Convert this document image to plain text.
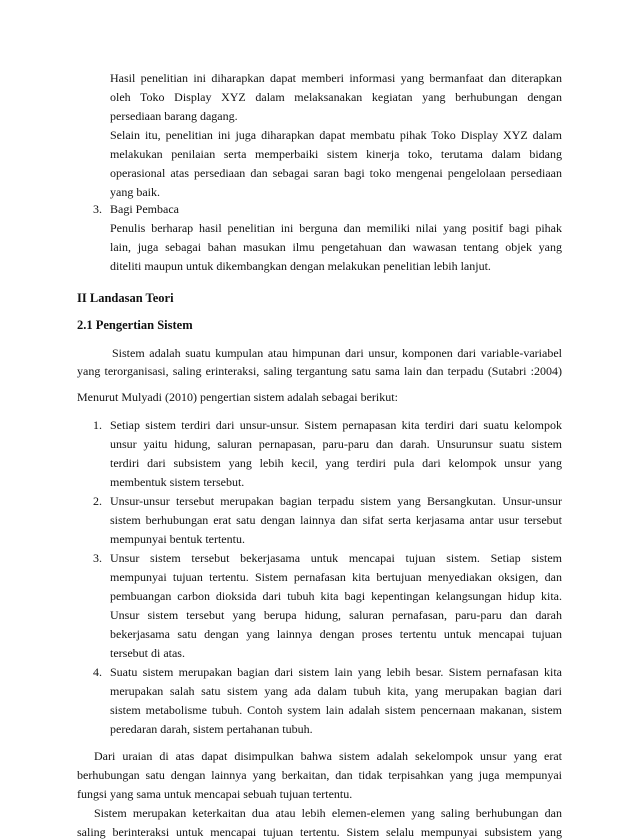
Hasil penelitian ini diharapkan dapat memberi informasi yang bermanfaat dan diterapkan
oleh Toko Display XYZ dalam melaksanakan kegiatan yang berhubungan dengan
persediaan barang dagang.
Selain itu, penelitian ini juga diharapkan dapat membatu pihak Toko Display XYZ dalam
melakukan penilaian serta memperbaiki sistem kinerja toko, terutama dalam bidang
operasional atas persediaan dan sebagai saran bagi toko mengenai pengelolaan persediaan
yang baik.
3. Bagi Pembaca
Penulis berharap hasil penelitian ini berguna dan memiliki nilai yang positif bagi pihak
lain, juga sebagai bahan masukan ilmu pengetahuan dan wawasan tentang objek yang
diteliti maupun untuk dikembangkan dengan melakukan penelitian lebih lanjut.
II Landasan Teori
2.1 Pengertian Sistem
Sistem adalah suatu kumpulan atau himpunan dari unsur, komponen dari variable-variabel
yang terorganisasi, saling erinteraksi, saling tergantung satu sama lain dan terpadu (Sutabri :2004)
Menurut Mulyadi (2010) pengertian sistem adalah sebagai berikut:
1. Setiap sistem terdiri dari unsur-unsur. Sistem pernapasan kita terdiri dari suatu kelompok
unsur yaitu hidung, saluran pernapasan, paru-paru dan darah. Unsurunsur suatu sistem
terdiri dari subsistem yang lebih kecil, yang terdiri pula dari kelompok unsur yang
membentuk sistem tersebut.
2. Unsur-unsur tersebut merupakan bagian terpadu sistem yang Bersangkutan. Unsur-unsur
sistem berhubungan erat satu dengan lainnya dan sifat serta kerjasama antar usur tersebut
mempunyai bentuk tertentu.
3. Unsur sistem tersebut bekerjasama untuk mencapai tujuan sistem. Setiap sistem
mempunyai tujuan tertentu. Sistem pernafasan kita bertujuan menyediakan oksigen, dan
pembuangan carbon dioksida dari tubuh kita bagi kepentingan kelangsungan hidup kita.
Unsur sistem tersebut yang berupa hidung, saluran pernafasan, paru-paru dan darah
bekerjasama satu dengan yang lainnya dengan proses tertentu untuk mencapai tujuan
tersebut di atas.
4. Suatu sistem merupakan bagian dari sistem lain yang lebih besar. Sistem pernafasan kita
merupakan salah satu sistem yang ada dalam tubuh kita, yang merupakan bagian dari
sistem metabolisme tubuh. Contoh system lain adalah sistem pencernaan makanan, sistem
peredaran darah, sistem pertahanan tubuh.
Dari uraian di atas dapat disimpulkan bahwa sistem adalah sekelompok unsur yang erat
berhubungan satu dengan lainnya yang berkaitan, dan tidak terpisahkan yang juga mempunyai
fungsi yang sama untuk mencapai sebuah tujuan tertentu.
Sistem merupakan keterkaitan dua atau lebih elemen-elemen yang saling berhubungan dan
saling berinteraksi untuk mencapai tujuan tertentu. Sistem selalu mempunyai subsistem yang
